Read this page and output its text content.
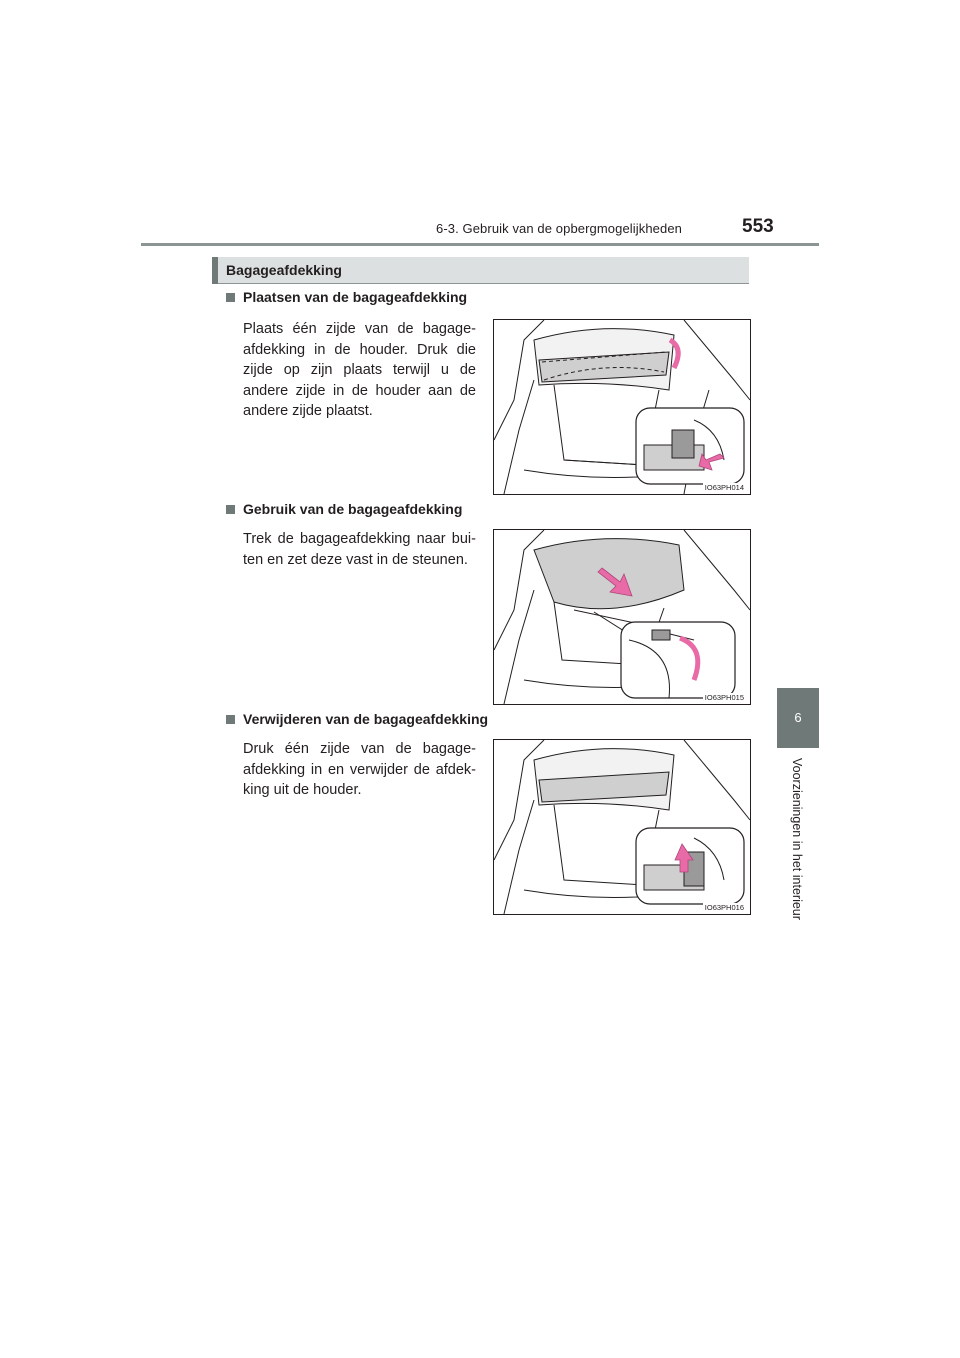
6-3. Gebruik van de opbergmogelijkheden	553
6
Voorzieningen in het interieur
Bagageafdekking
Plaatsen van de bagageafdekking
Plaats één zijde van de bagage-afdekking in de houder. Druk die zijde op zijn plaats terwijl u de andere zijde in de houder aan de andere zijde plaatst.
IO63PH014
Gebruik van de bagageafdekking
Trek de bagageafdekking naar bui-ten en zet deze vast in de steunen.
IO63PH015
Verwijderen van de bagageafdekking
Druk één zijde van de bagage-afdekking in en verwijder de afdek-king uit de houder.
IO63PH016
